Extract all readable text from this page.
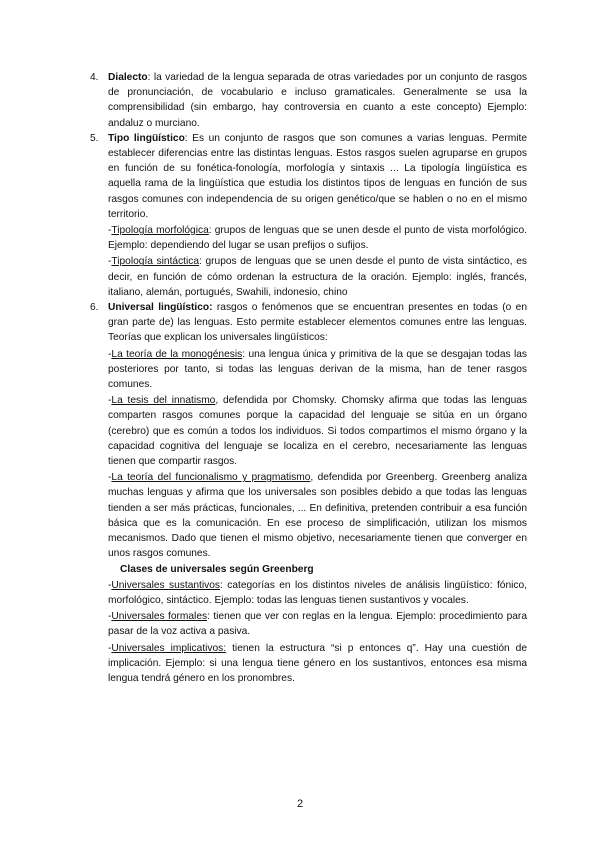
4. Dialecto: la variedad de la lengua separada de otras variedades por un conjunto de rasgos de pronunciación, de vocabulario e incluso gramaticales. Generalmente se usa la comprensibilidad (sin embargo, hay controversia en cuanto a este concepto) Ejemplo: andaluz o murciano.

5. Tipo lingüístico: Es un conjunto de rasgos que son comunes a varias lenguas. Permite establecer diferencias entre las distintas lenguas. Estos rasgos suelen agruparse en grupos en función de su fonética-fonología, morfología y sintaxis ... La tipología lingüística es aquella rama de la lingüística que estudia los distintos tipos de lenguas en función de sus rasgos comunes con independencia de su origen genético/que se hablen o no en el mismo territorio.

-Tipología morfológica: grupos de lenguas que se unen desde el punto de vista morfológico. Ejemplo: dependiendo del lugar se usan prefijos o sufijos.

-Tipología sintáctica: grupos de lenguas que se unen desde el punto de vista sintáctico, es decir, en función de cómo ordenan la estructura de la oración. Ejemplo: inglés, francés, italiano, alemán, portugués, Swahili, indonesio, chino

6. Universal lingüístico: rasgos o fenómenos que se encuentran presentes en todas (o en gran parte de) las lenguas. Esto permite establecer elementos comunes entre las lenguas. Teorías que explican los universales lingüísticos:

-La teoría de la monogénesis: una lengua única y primitiva de la que se desgajan todas las posteriores por tanto, si todas las lenguas derivan de la misma, han de tener rasgos comunes.

-La tesis del innatismo, defendida por Chomsky. Chomsky afirma que todas las lenguas comparten rasgos comunes porque la capacidad del lenguaje se sitúa en un órgano (cerebro) que es común a todos los individuos. Si todos compartimos el mismo órgano y la capacidad cognitiva del lenguaje se localiza en el cerebro, necesariamente las lenguas tienen que compartir rasgos.

-La teoría del funcionalismo y pragmatismo, defendida por Greenberg. Greenberg analiza muchas lenguas y afirma que los universales son posibles debido a que todas las lenguas tienden a ser más prácticas, funcionales, ... En definitiva, pretenden contribuir a esa función básica que es la comunicación. En ese proceso de simplificación, utilizan los mismos mecanismos. Dado que tienen el mismo objetivo, necesariamente tienen que converger en unos rasgos comunes.

Clases de universales según Greenberg

-Universales sustantivos: categorías en los distintos niveles de análisis lingüístico: fónico, morfológico, sintáctico. Ejemplo: todas las lenguas tienen sustantivos y vocales.

-Universales formales: tienen que ver con reglas en la lengua. Ejemplo: procedimiento para pasar de la voz activa a pasiva.

-Universales implicativos: tienen la estructura “si p entonces q”. Hay una cuestión de implicación. Ejemplo: si una lengua tiene género en los sustantivos, entonces esa misma lengua tendrá género en los pronombres.

2
